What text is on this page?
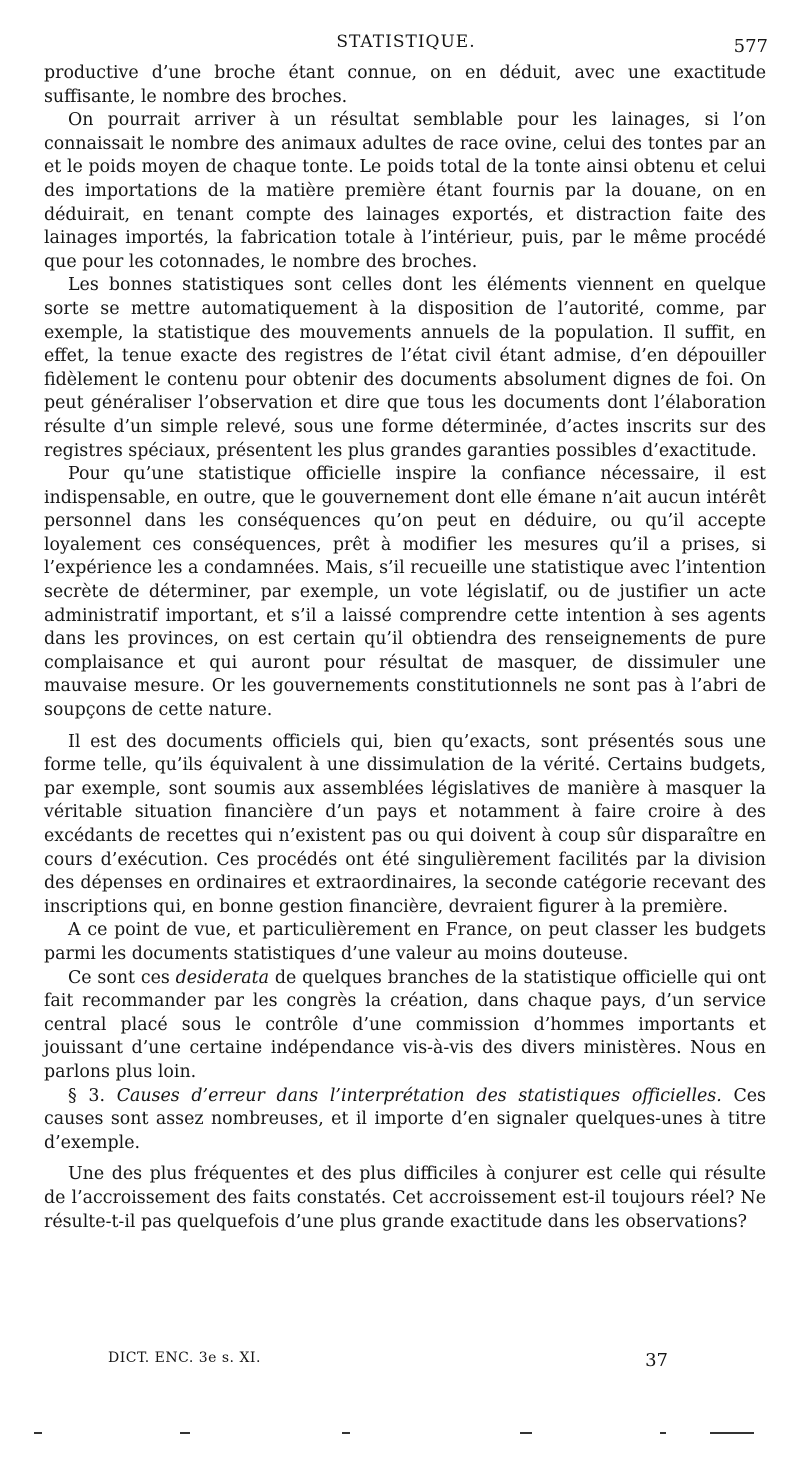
STATISTIQUE.	577

productive d’une broche étant connue, on en déduit, avec une exactitude suffisante, le nombre des broches.

On pourrait arriver à un résultat semblable pour les lainages, si l’on connaissait le nombre des animaux adultes de race ovine, celui des tontes par an et le poids moyen de chaque tonte. Le poids total de la tonte ainsi obtenu et celui des importations de la matière première étant fournis par la douane, on en déduirait, en tenant compte des lainages exportés, et distraction faite des lainages importés, la fabrication totale à l’intérieur, puis, par le même procédé que pour les cotonnades, le nombre des broches.

Les bonnes statistiques sont celles dont les éléments viennent en quelque sorte se mettre automatiquement à la disposition de l’autorité, comme, par exemple, la statistique des mouvements annuels de la population. Il suffit, en effet, la tenue exacte des registres de l’état civil étant admise, d’en dépouiller fidèlement le contenu pour obtenir des documents absolument dignes de foi. On peut généraliser l’observation et dire que tous les documents dont l’élaboration résulte d’un simple relevé, sous une forme déterminée, d’actes inscrits sur des registres spéciaux, présentent les plus grandes garanties possibles d’exactitude.

Pour qu’une statistique officielle inspire la confiance nécessaire, il est indispensable, en outre, que le gouvernement dont elle émane n’ait aucun intérêt personnel dans les conséquences qu’on peut en déduire, ou qu’il accepte loyalement ces conséquences, prêt à modifier les mesures qu’il a prises, si l’expérience les a condamnées. Mais, s’il recueille une statistique avec l’intention secrète de déterminer, par exemple, un vote législatif, ou de justifier un acte administratif important, et s’il a laissé comprendre cette intention à ses agents dans les provinces, on est certain qu’il obtiendra des renseignements de pure complaisance et qui auront pour résultat de masquer, de dissimuler une mauvaise mesure. Or les gouvernements constitutionnels ne sont pas à l’abri de soupçons de cette nature.

Il est des documents officiels qui, bien qu’exacts, sont présentés sous une forme telle, qu’ils équivalent à une dissimulation de la vérité. Certains budgets, par exemple, sont soumis aux assemblées législatives de manière à masquer la véritable situation financière d’un pays et notamment à faire croire à des excédants de recettes qui n’existent pas ou qui doivent à coup sûr disparaître en cours d’exécution. Ces procédés ont été singulièrement facilités par la division des dépenses en ordinaires et extraordinaires, la seconde catégorie recevant des inscriptions qui, en bonne gestion financière, devraient figurer à la première.

A ce point de vue, et particulièrement en France, on peut classer les budgets parmi les documents statistiques d’une valeur au moins douteuse.

Ce sont ces desiderata de quelques branches de la statistique officielle qui ont fait recommander par les congrès la création, dans chaque pays, d’un service central placé sous le contrôle d’une commission d’hommes importants et jouissant d’une certaine indépendance vis-à-vis des divers ministères. Nous en parlons plus loin.

§ 3. Causes d’erreur dans l’interprétation des statistiques officielles. Ces causes sont assez nombreuses, et il importe d’en signaler quelques-unes à titre d’exemple.

Une des plus fréquentes et des plus difficiles à conjurer est celle qui résulte de l’accroissement des faits constatés. Cet accroissement est-il toujours réel? Ne résulte-t-il pas quelquefois d’une plus grande exactitude dans les observations?

DICT. ENC. 3e s. XI.	37
